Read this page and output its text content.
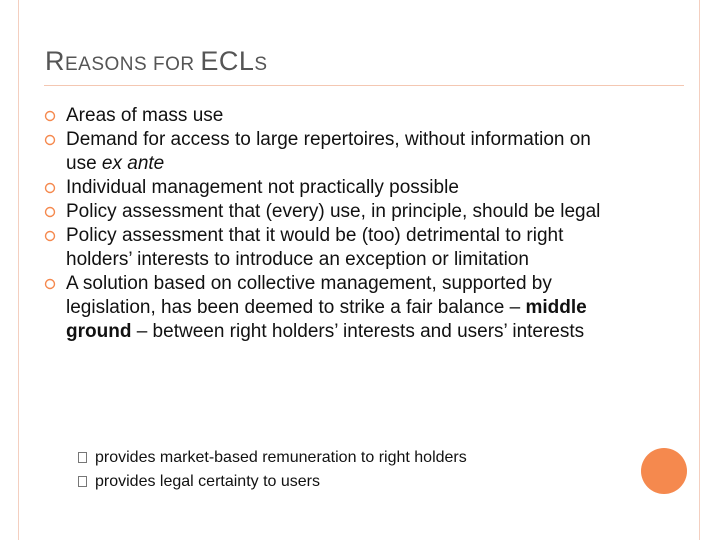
REASONS FOR ECLS
Areas of mass use
Demand for access to large repertoires, without information on use ex ante
Individual management not practically possible
Policy assessment that (every) use, in principle, should be legal
Policy assessment that it would be (too) detrimental to right holders’ interests to introduce an exception or limitation
A solution based on collective management, supported by legislation, has been deemed to strike a fair balance – middle ground – between right holders’ interests and users’ interests
provides market-based remuneration to right holders
provides legal certainty to users
